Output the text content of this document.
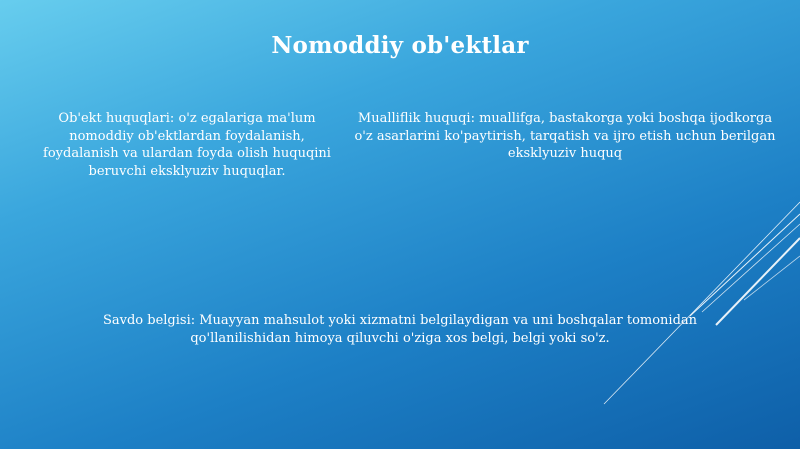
Nomoddiy ob'ektlar
Ob'ekt huquqlari: o'z egalariga ma'lum nomoddiy ob'ektlardan foydalanish, foydalanish va ulardan foyda olish huquqini beruvchi eksklyuziv huquqlar.
Mualliflik huquqi: muallifga, bastakorga yoki boshqa ijodkorga o'z asarlarini ko'paytirish, tarqatish va ijro etish uchun berilgan eksklyuziv huquq
Savdo belgisi: Muayyan mahsulot yoki xizmatni belgilaydigan va uni boshqalar tomonidan qo'llanilishidan himoya qiluvchi o'ziga xos belgi, belgi yoki so'z.
